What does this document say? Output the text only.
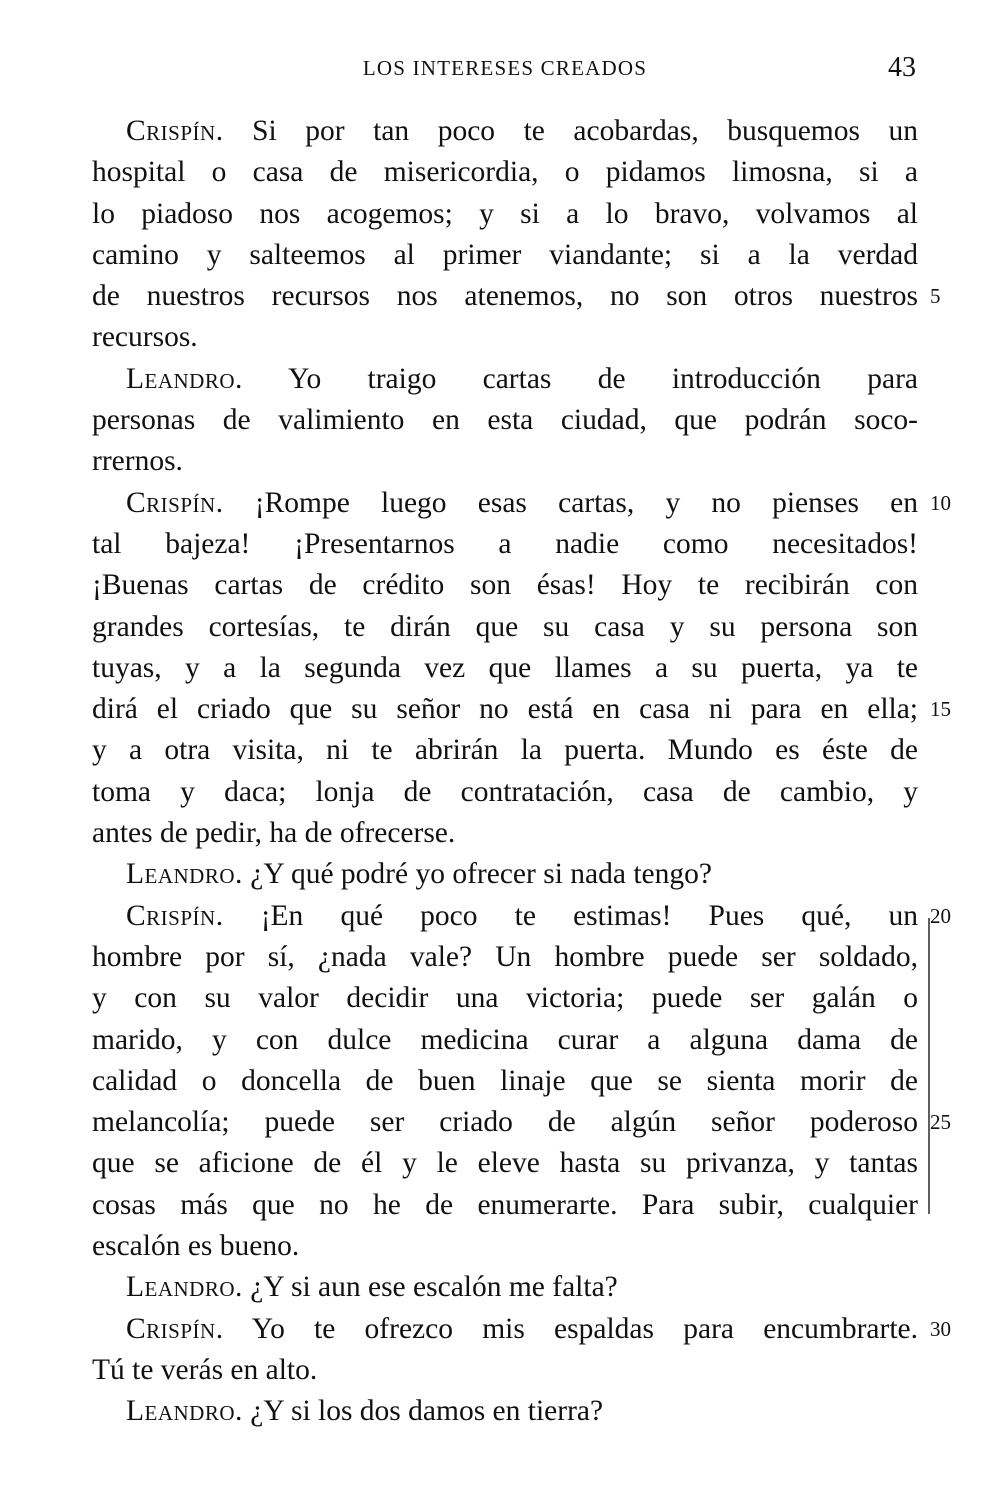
LOS INTERESES CREADOS	43
Crispín. Si por tan poco te acobardas, busquemos un
hospital o casa de misericordia, o pidamos limosna, si a
lo piadoso nos acogemos; y si a lo bravo, volvamos al
camino y salteemos al primer viandante; si a la verdad
de nuestros recursos nos atenemos, no son otros nuestros 5
recursos.
Leandro. Yo traigo cartas de introducción para
personas de valimiento en esta ciudad, que podrán soco-
rrernos.
Crispín. ¡Rompe luego esas cartas, y no pienses en 10
tal bajeza! ¡Presentarnos a nadie como necesitados!
¡Buenas cartas de crédito son ésas! Hoy te recibirán con
grandes cortesías, te dirán que su casa y su persona son
tuyas, y a la segunda vez que llames a su puerta, ya te
dirá el criado que su señor no está en casa ni para en ella; 15
y a otra visita, ni te abrirán la puerta. Mundo es éste de
toma y daca; lonja de contratación, casa de cambio, y
antes de pedir, ha de ofrecerse.
Leandro. ¿Y qué podré yo ofrecer si nada tengo?
Crispín. ¡En qué poco te estimas! Pues qué, un 20
hombre por sí, ¿nada vale? Un hombre puede ser soldado,
y con su valor decidir una victoria; puede ser galán o
marido, y con dulce medicina curar a alguna dama de
calidad o doncella de buen linaje que se sienta morir de
melancolía; puede ser criado de algún señor poderoso 25
que se aficione de él y le eleve hasta su privanza, y tantas
cosas más que no he de enumerarte. Para subir, cualquier
escalón es bueno.
Leandro. ¿Y si aun ese escalón me falta?
Crispín. Yo te ofrezco mis espaldas para encumbrarte. 30
Tú te verás en alto.
Leandro. ¿Y si los dos damos en tierra?
